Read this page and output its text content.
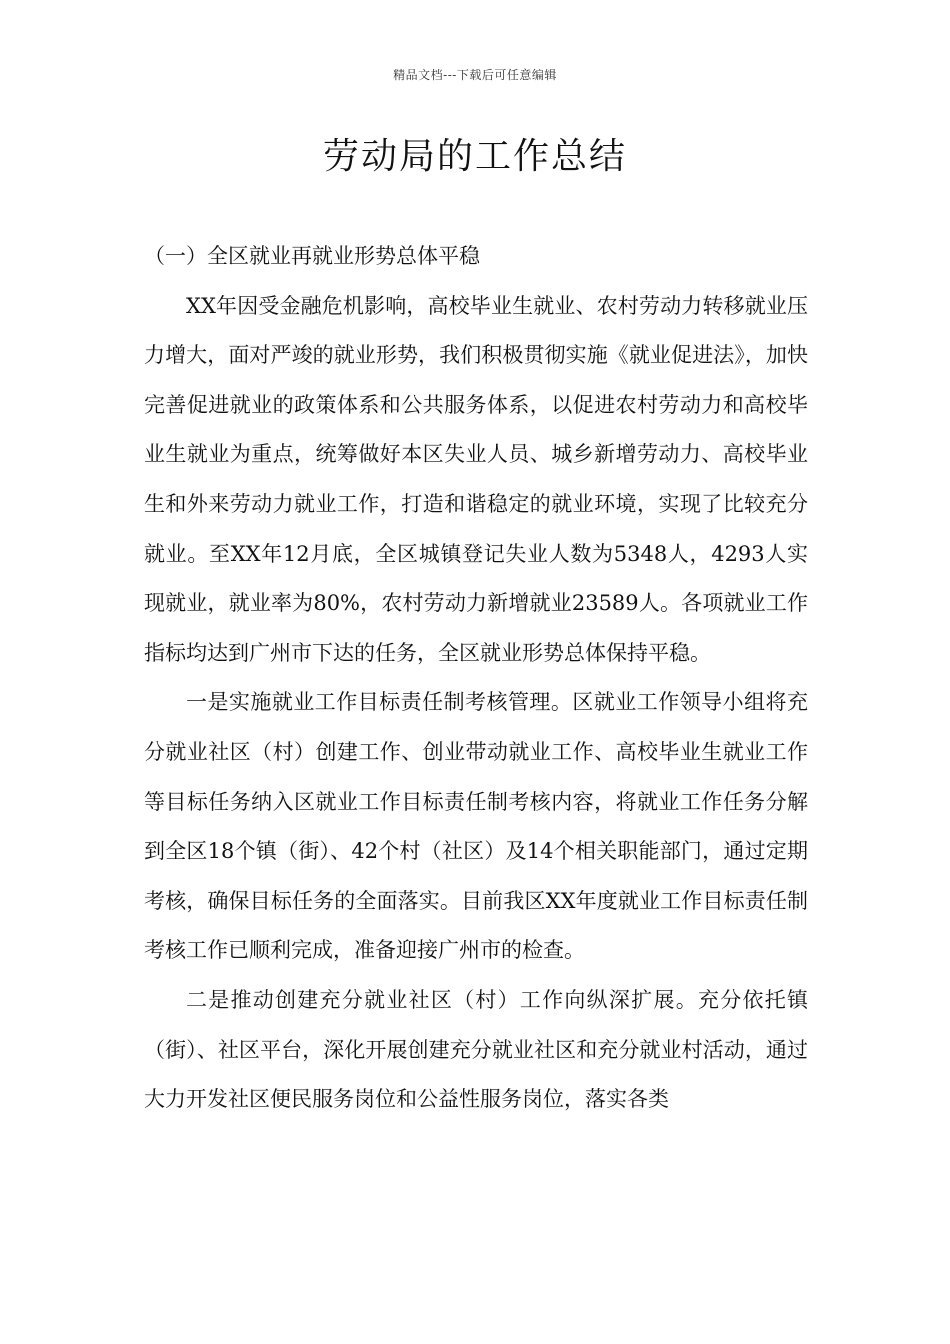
精品文档---下载后可任意编辑
劳动局的工作总结

（一）全区就业再就业形势总体平稳

XX年因受金融危机影响，高校毕业生就业、农村劳动力转移就业压力增大，面对严竣的就业形势，我们积极贯彻实施《就业促进法》，加快完善促进就业的政策体系和公共服务体系，以促进农村劳动力和高校毕业生就业为重点，统筹做好本区失业人员、城乡新增劳动力、高校毕业生和外来劳动力就业工作，打造和谐稳定的就业环境，实现了比较充分就业。至XX年12月底，全区城镇登记失业人数为5348人，4293人实现就业，就业率为80%，农村劳动力新增就业23589人。各项就业工作指标均达到广州市下达的任务，全区就业形势总体保持平稳。

一是实施就业工作目标责任制考核管理。区就业工作领导小组将充分就业社区（村）创建工作、创业带动就业工作、高校毕业生就业工作等目标任务纳入区就业工作目标责任制考核内容，将就业工作任务分解到全区18个镇（街）、42个村（社区）及14个相关职能部门，通过定期考核，确保目标任务的全面落实。目前我区XX年度就业工作目标责任制考核工作已顺利完成，准备迎接广州市的检查。

二是推动创建充分就业社区（村）工作向纵深扩展。充分依托镇（街）、社区平台，深化开展创建充分就业社区和充分就业村活动，通过大力开发社区便民服务岗位和公益性服务岗位，落实各类
